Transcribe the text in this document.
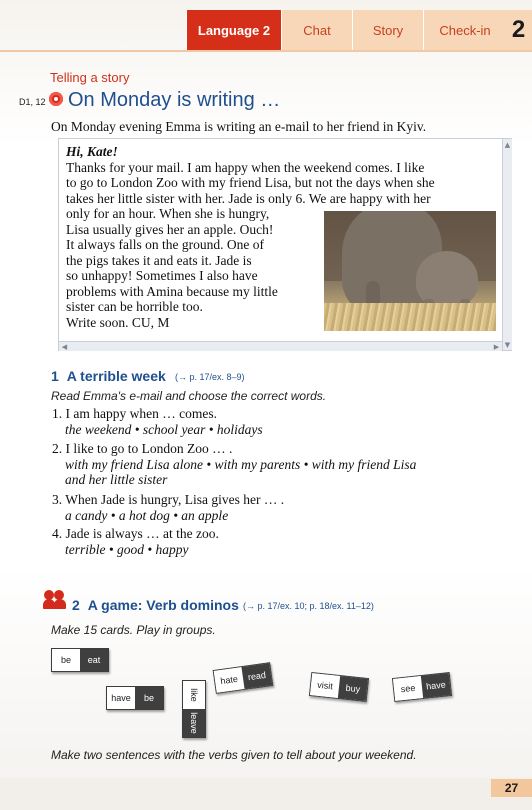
Language 2	Chat	Story	Check-in 2
Telling a story
D1, 12 On Monday is writing …
On Monday evening Emma is writing an e-mail to her friend in Kyiv.
▲
▼
◀	▶
Hi, Kate!
Thanks for your mail. I am happy when the weekend comes. I like
to go to London Zoo with my friend Lisa, but not the days when she
takes her little sister with her. Jade is only 6. We are happy with her
only for an hour. When she is hungry,
Lisa usually gives her an apple. Ouch!
It always falls on the ground. One of
the pigs takes it and eats it. Jade is
so unhappy! Sometimes I also have
problems with Amina because my little
sister can be horrible too.
Write soon. CU, M
1 A terrible week (→ p. 17/ex. 8–9)
Read Emma's e-mail and choose the correct words.
1. I am happy when … comes.
the weekend • school year • holidays
2. I like to go to London Zoo … .
with my friend Lisa alone • with my parents • with my friend Lisa
and her little sister
3. When Jade is hungry, Lisa gives her … .
a candy • a hot dog • an apple
4. Jade is always … at the zoo.
terrible • good • happy
2 A game: Verb dominos (→ p. 17/ex. 10; p. 18/ex. 11–12)
Make 15 cards. Play in groups.
be	eat
have	be	like
leave
hate read
visit	buy	see	have
Make two sentences with the verbs given to tell about your weekend.
27
